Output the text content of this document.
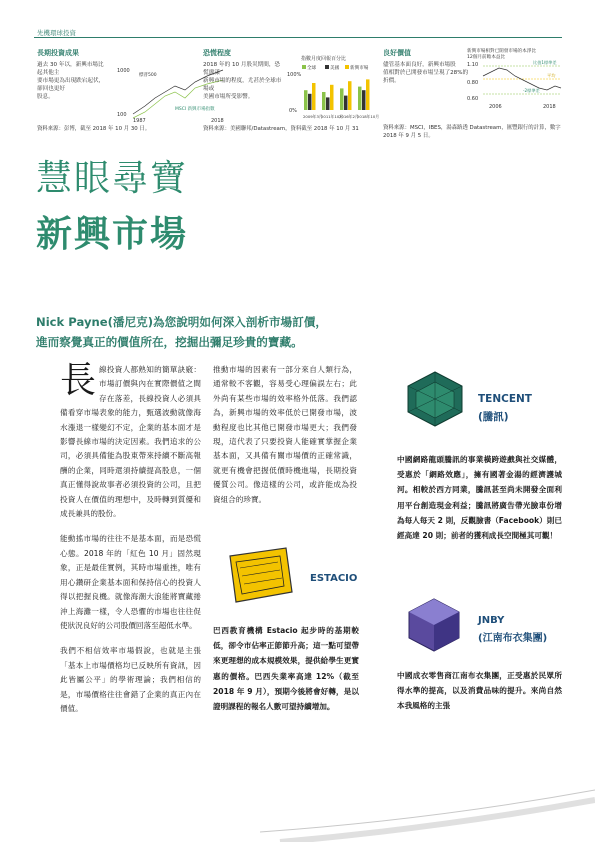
先機環球投資
長期投資成果
過去 30 年以，新興市場比起其他主
要市場更為出現跌宕起伏，卻回也更好
股息。
1000
100
標普500
MSCI 新興市場指數
1987	2018
資料來源：彭博，截至 2018 年 10 月 30 日。
恐慌程度
2018 年的 10 月股災期間，恐慌盪漾
新興市場的程度，尤甚於全球市場或
美國市場所受影響。
指數月度回報百分比
全球	美國 新興市場
100%
0%
2009年3月
2011年10月
2016年2月
2018年10月
資料來源：美國聯邦/Datastream，資料截至 2018 年 10 月 31
良好價值
儘管基本面良好，新興市場股
值相對於已開發市場呈現了28%的
折價。
新興市場相對已開發市場的本淨比
12個月前瞻本益比
1.10
0.80
0.60
比值1標準差
平均
-2標準差
2006	2018
資料來源：MSCI，IBES，湯森路透 Datastream，匯豐銀行的計算，數字 2018 年 9 月 5 日。
慧眼尋寶
新興市場
Nick Payne(潘尼克)為您說明如何深入剖析市場訂價，
進而察覺真正的價值所在，挖掘出彌足珍貴的寶藏。

長線投資人都熟知的簡單訣竅：市場訂價與內在實際價值之間存在落差，長線投資人必須具備看穿市場表象的能力，甄選波動就像海水漲退一樣變幻不定，企業的基本面才是影響長線市場的決定因素。我們追求的公司，必須具備能為股東帶來持續不斷高報酬的企業，同時還須持續提高股息，一個真正懂得說故事者必須投資的公司，且把投資人在價值的理想中，及時轉到質優和成長兼具的股份。

能動搖市場的往往不是基本面，而是恐慌心態。2018 年的「紅色 10 月」固然現象，正是最佳實例，其時市場重挫，唯有用心鑽研企業基本面和保持信心的投資人得以把握良機。就像海潮大浪能將寶藏捲沖上海灘一樣，令人恐懼的市場也往往促使狀況良好的公司股價回落至超低水準。

我們不相信效率市場假說，也就是主張「基本上市場價格均已反映所有資訊，因此皆屬公平」的學術理論；我們相信的是，市場價格往往會錯了企業的真正內在價值。

推動市場的因素有一部分來自人類行為，通常較不客觀，容易受心理偏誤左右；此外尚有某些市場的效率格外低落。我們認為，新興市場的效率低於已開發市場，波動程度也比其他已開發市場更大；我們發現，這代表了只要投資人能確實掌握企業基本面，又具備有關市場價的正確常識，就更有機會把握低價時機進場，長期投資優質公司。像這樣的公司，或許能成為投資組合的珍寶。

ESTACIO
巴西教育機構 Estacio 起步時的基期較低，卻令市佔率正節節升高；這一點可望帶來更理想的成本規模效果，提供給學生更實惠的價格。巴西失業率高達 12%（截至2018 年 9 月），預期今後將會好轉，是以證明課程的報名人數可望持續增加。
TENCENT
(騰訊)
中國網路龍頭騰訊的事業橫跨遊戲與社交媒體，受惠於「網路效應」，擁有國著金湯的經濟護城河。相較於西方同業，騰訊甚至尚未開發全面利用平台創造現金利益；騰訊將廣告帶光臉車份增為每人每天 2 則，反觀臉書（Facebook）則已經高達 20 則；前者的獲利成長空間極其可觀！
JNBY
(江南布衣集團)
中國成衣零售商江南布衣集團，正受惠於民眾所得水準的提高，以及消費品味的提升。來尚自然本我風格的主張
